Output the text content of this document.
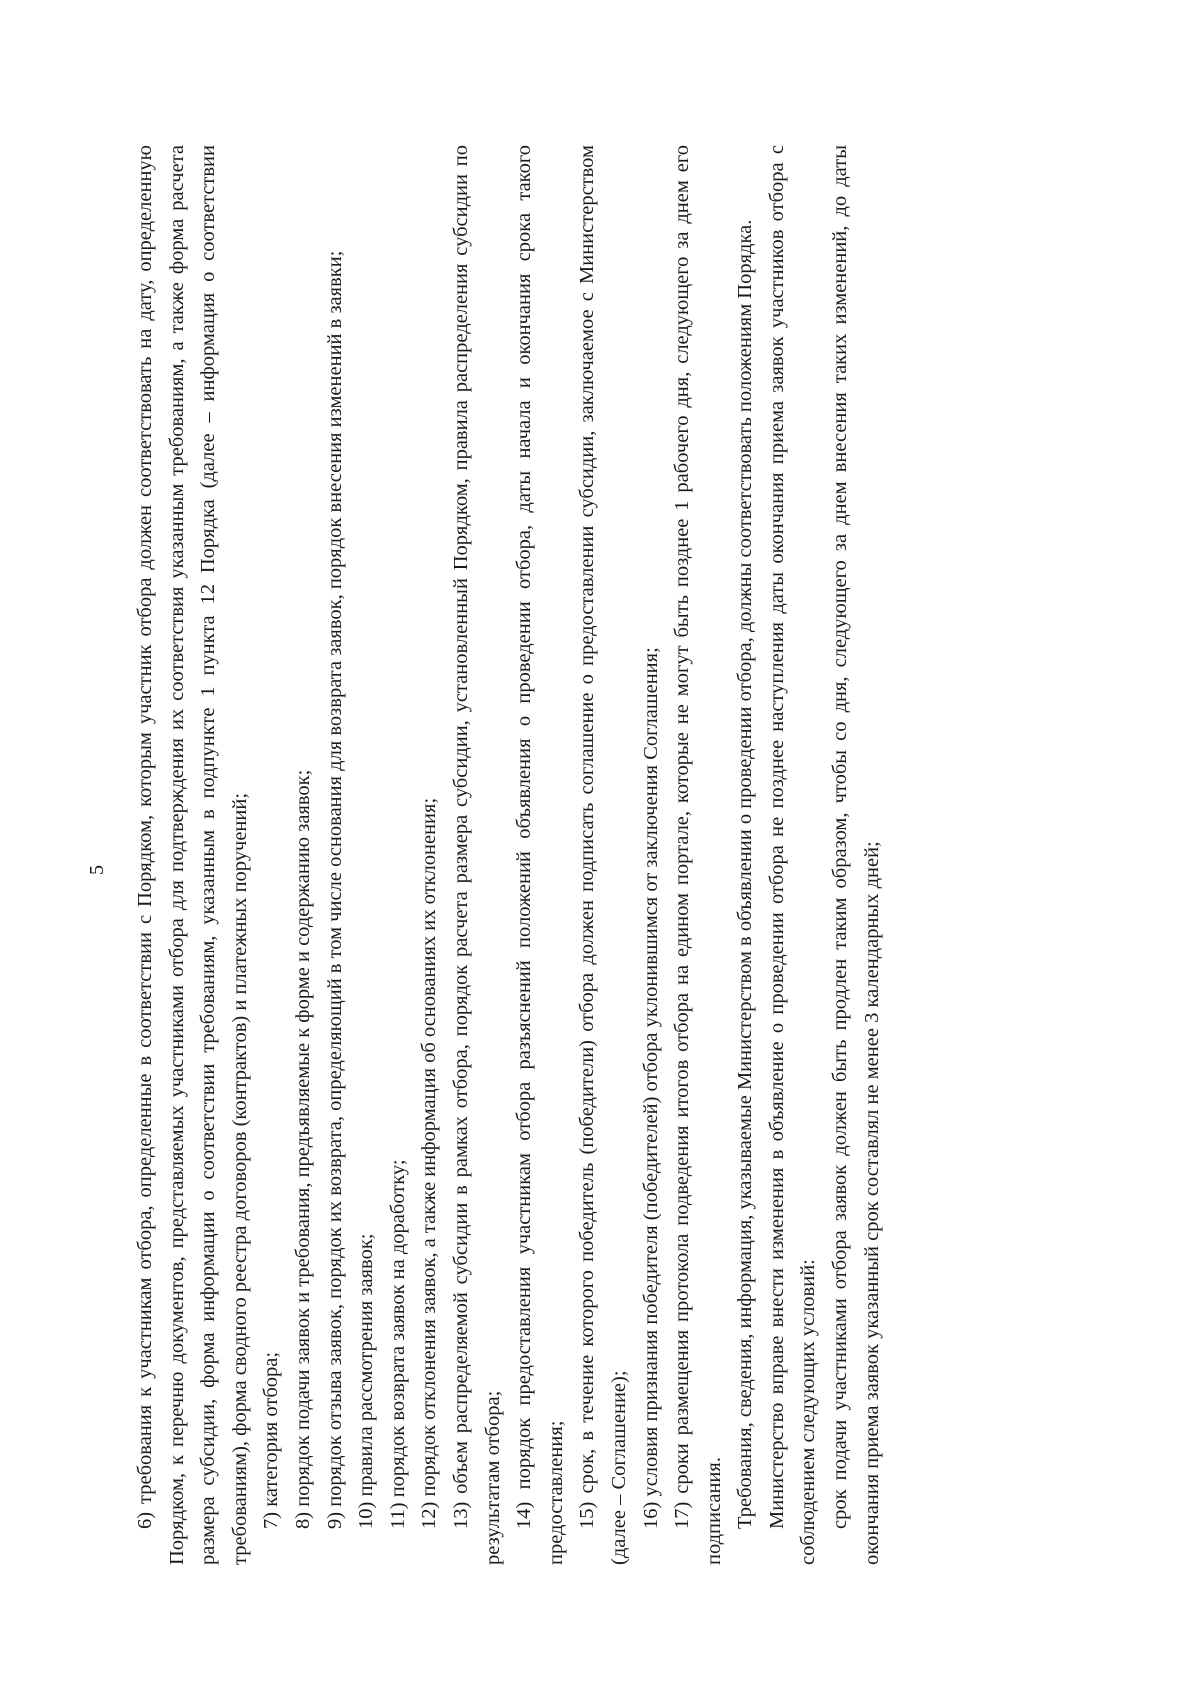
5 6) требования к участникам отбора, определенные в соответствии с Порядком, которым участник отбора должен соответствовать на дату, определенную Порядком, к перечню документов, представляемых участниками отбора для подтверждения их соответствия указанным требованиям, а также форма расчета размера субсидии, форма информации о соответствии требованиям, указанным в подпункте 1 пункта 12 Порядка (далее – информация о соответствии требованиям), форма сводного реестра договоров (контрактов) и платежных поручений; 7) категория отбора; 8) порядок подачи заявок и требования, предъявляемые к форме и содержанию заявок; 9) порядок отзыва заявок, порядок их возврата, определяющий в том числе основания для возврата заявок, порядок внесения изменений в заявки; 10) правила рассмотрения заявок; 11) порядок возврата заявок на доработку; 12) порядок отклонения заявок, а также информация об основаниях их отклонения; 13) объем распределяемой субсидии в рамках отбора, порядок расчета размера субсидии, установленный Порядком, правила распределения субсидии по результатам отбора; 14) порядок предоставления участникам отбора разъяснений положений объявления о проведении отбора, даты начала и окончания срока такого предоставления; 15) срок, в течение которого победитель (победители) отбора должен подписать соглашение о предоставлении субсидии, заключаемое с Министерством (далее – Соглашение); 16) условия признания победителя (победителей) отбора уклонившимся от заключения Соглашения; 17) сроки размещения протокола подведения итогов отбора на едином портале, которые не могут быть позднее 1 рабочего дня, следующего за днем его подписания. Требования, сведения, информация, указываемые Министерством в объявлении о проведении отбора, должны соответствовать положениям Порядка. Министерство вправе внести изменения в объявление о проведении отбора не позднее наступления даты окончания приема заявок участников отбора с соблюдением следующих условий: срок подачи участниками отбора заявок должен быть продлен таким образом, чтобы со дня, следующего за днем внесения таких изменений, до даты окончания приема заявок указанный срок составлял не менее 3 календарных дней;
